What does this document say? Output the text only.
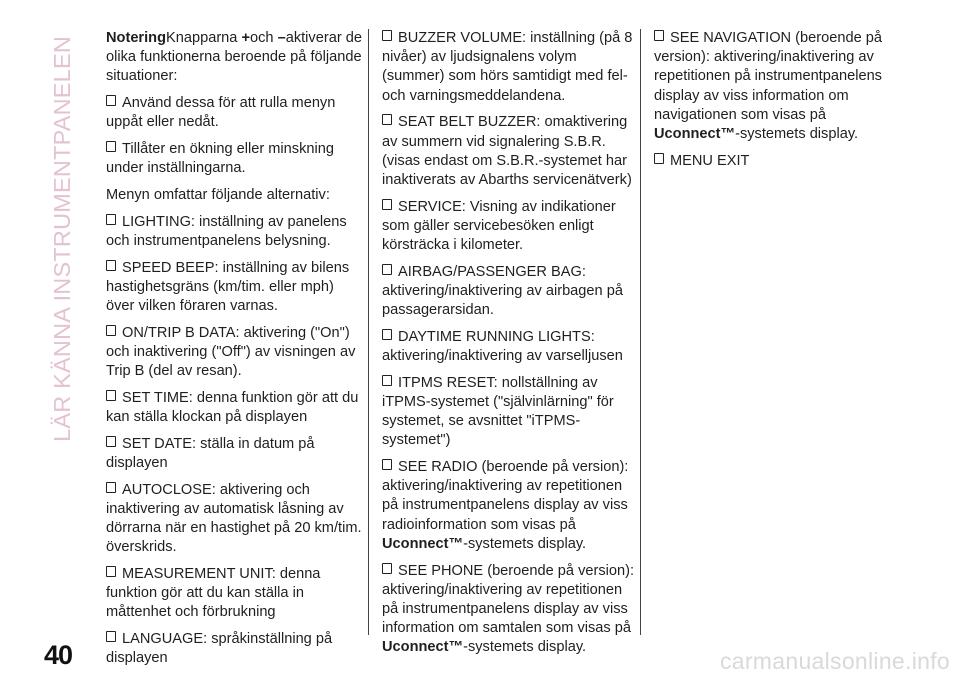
LÄR KÄNNA INSTRUMENTPANELEN NoteringKnapparna +och –aktiverar de olika funktionerna beroende på följande situationer:

Använd dessa för att rulla menyn uppåt eller nedåt.

Tillåter en ökning eller minskning under inställningarna.

Menyn omfattar följande alternativ:

LIGHTING: inställning av panelens och instrumentpanelens belysning.

SPEED BEEP: inställning av bilens hastighetsgräns (km/tim. eller mph) över vilken föraren varnas.

ON/TRIP B DATA: aktivering ("On") och inaktivering ("Off") av visningen av Trip B (del av resan).

SET TIME: denna funktion gör att du kan ställa klockan på displayen

SET DATE: ställa in datum på displayen

AUTOCLOSE: aktivering och inaktivering av automatisk låsning av dörrarna när en hastighet på 20 km/tim. överskrids.

MEASUREMENT UNIT: denna funktion gör att du kan ställa in måttenhet och förbrukning

LANGUAGE: språkinställning på displayen

BUZZER VOLUME: inställning (på 8 nivåer) av ljudsignalens volym (summer) som hörs samtidigt med fel- och varningsmeddelandena.

SEAT BELT BUZZER: omaktivering av summern vid signalering S.B.R. (visas endast om S.B.R.-systemet har inaktiverats av Abarths servicenätverk)

SERVICE: Visning av indikationer som gäller servicebesöken enligt körsträcka i kilometer.

AIRBAG/PASSENGER BAG: aktivering/inaktivering av airbagen på passagerarsidan.

DAYTIME RUNNING LIGHTS: aktivering/inaktivering av varselljusen

ITPMS RESET: nollställning av iTPMS-systemet ("självinlärning" för systemet, se avsnittet "iTPMS-systemet")

SEE RADIO (beroende på version): aktivering/inaktivering av repetitionen på instrumentpanelens display av viss radioinformation som visas på Uconnect™-systemets display.

SEE PHONE (beroende på version): aktivering/inaktivering av repetitionen på instrumentpanelens display av viss information om samtalen som visas på Uconnect™-systemets display.

SEE NAVIGATION (beroende på version): aktivering/inaktivering av repetitionen på instrumentpanelens display av viss information om navigationen som visas på Uconnect™-systemets display.

MENU EXIT

40	carmanualsonline.info
